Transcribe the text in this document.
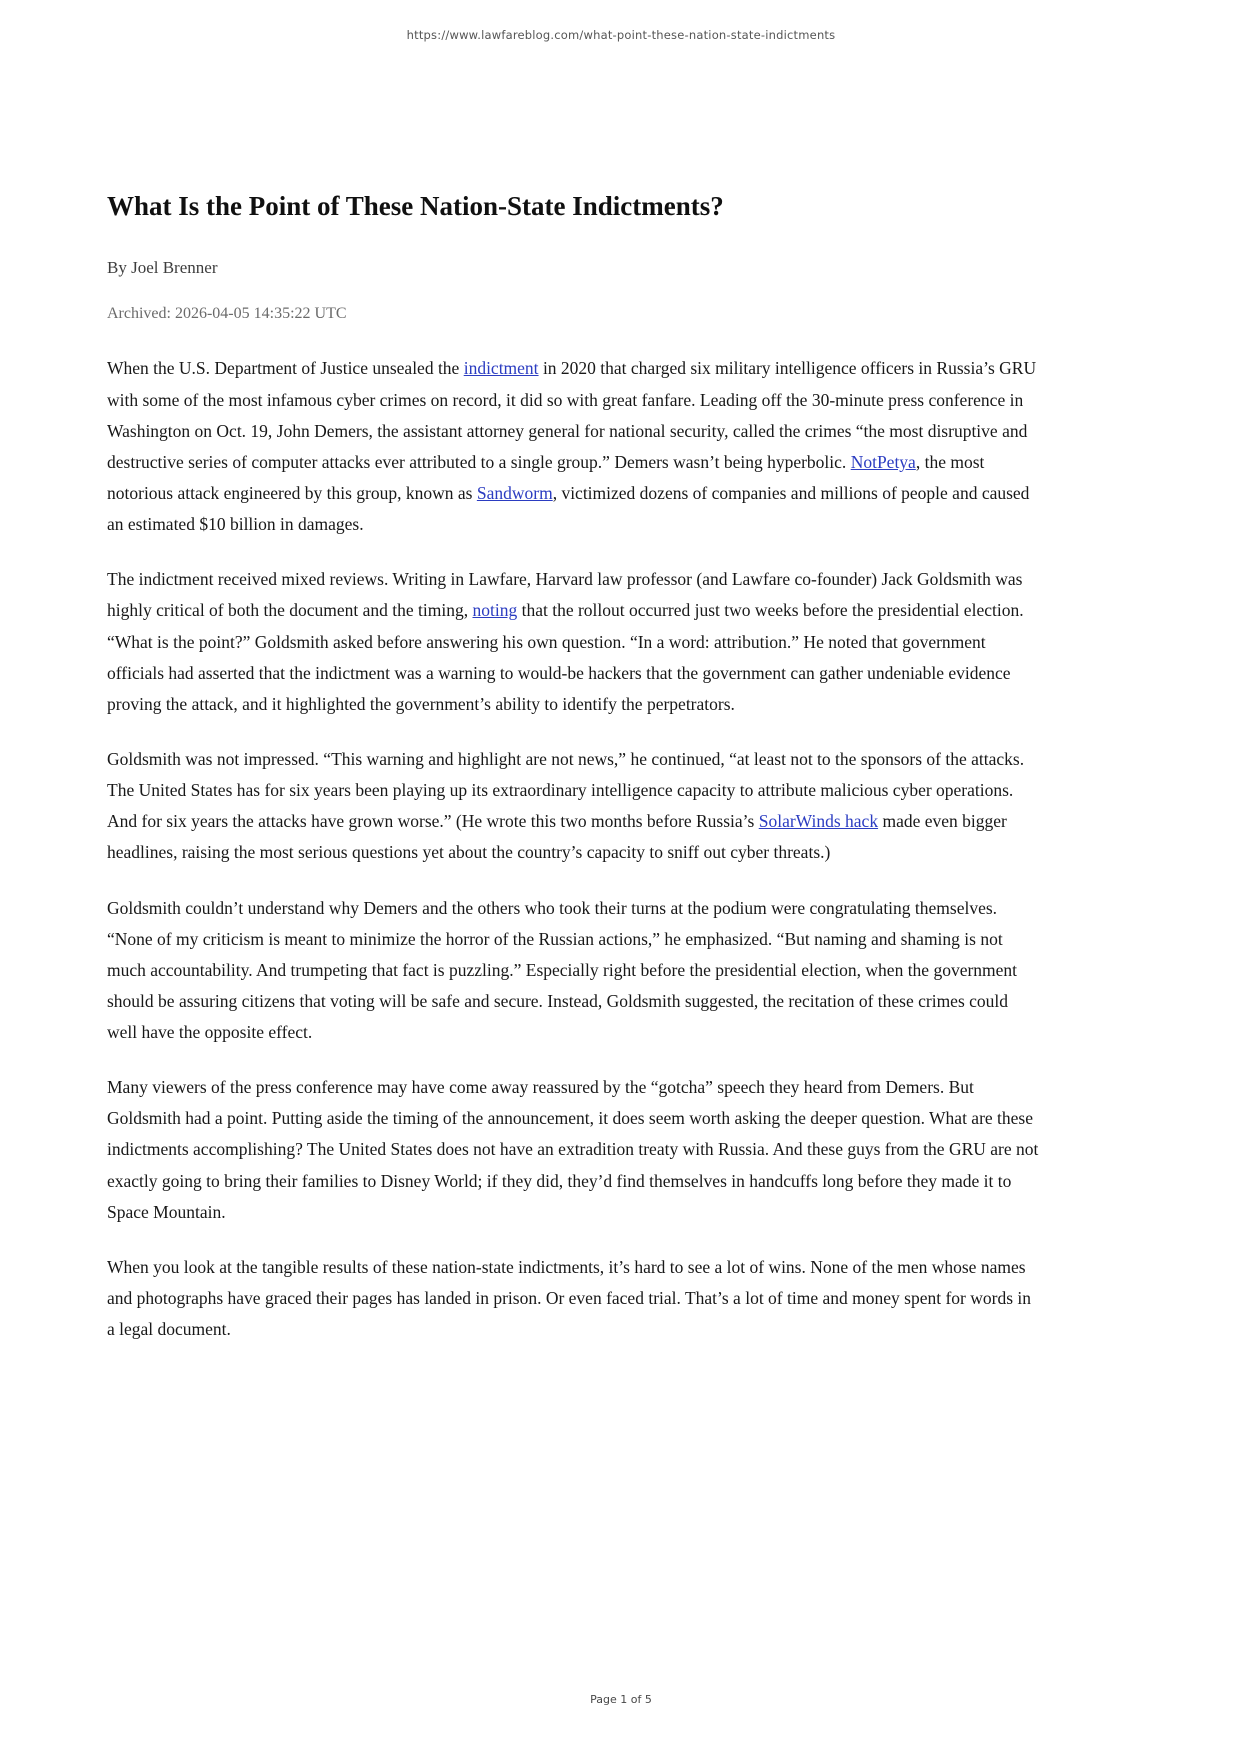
https://www.lawfareblog.com/what-point-these-nation-state-indictments
What Is the Point of These Nation-State Indictments?
By Joel Brenner
Archived: 2026-04-05 14:35:22 UTC

When the U.S. Department of Justice unsealed the indictment in 2020 that charged six military intelligence officers in Russia’s GRU with some of the most infamous cyber crimes on record, it did so with great fanfare. Leading off the 30-minute press conference in Washington on Oct. 19, John Demers, the assistant attorney general for national security, called the crimes “the most disruptive and destructive series of computer attacks ever attributed to a single group.” Demers wasn’t being hyperbolic. NotPetya, the most notorious attack engineered by this group, known as Sandworm, victimized dozens of companies and millions of people and caused an estimated $10 billion in damages.

The indictment received mixed reviews. Writing in Lawfare, Harvard law professor (and Lawfare co-founder) Jack Goldsmith was highly critical of both the document and the timing, noting that the rollout occurred just two weeks before the presidential election. “What is the point?” Goldsmith asked before answering his own question. “In a word: attribution.” He noted that government officials had asserted that the indictment was a warning to would-be hackers that the government can gather undeniable evidence proving the attack, and it highlighted the government’s ability to identify the perpetrators.

Goldsmith was not impressed. “This warning and highlight are not news,” he continued, “at least not to the sponsors of the attacks. The United States has for six years been playing up its extraordinary intelligence capacity to attribute malicious cyber operations. And for six years the attacks have grown worse.” (He wrote this two months before Russia’s SolarWinds hack made even bigger headlines, raising the most serious questions yet about the country’s capacity to sniff out cyber threats.)

Goldsmith couldn’t understand why Demers and the others who took their turns at the podium were congratulating themselves. “None of my criticism is meant to minimize the horror of the Russian actions,” he emphasized. “But naming and shaming is not much accountability. And trumpeting that fact is puzzling.” Especially right before the presidential election, when the government should be assuring citizens that voting will be safe and secure. Instead, Goldsmith suggested, the recitation of these crimes could well have the opposite effect.

Many viewers of the press conference may have come away reassured by the “gotcha” speech they heard from Demers. But Goldsmith had a point. Putting aside the timing of the announcement, it does seem worth asking the deeper question. What are these indictments accomplishing? The United States does not have an extradition treaty with Russia. And these guys from the GRU are not exactly going to bring their families to Disney World; if they did, they’d find themselves in handcuffs long before they made it to Space Mountain.

When you look at the tangible results of these nation-state indictments, it’s hard to see a lot of wins. None of the men whose names and photographs have graced their pages has landed in prison. Or even faced trial. That’s a lot of time and money spent for words in a legal document.

Page 1 of 5
